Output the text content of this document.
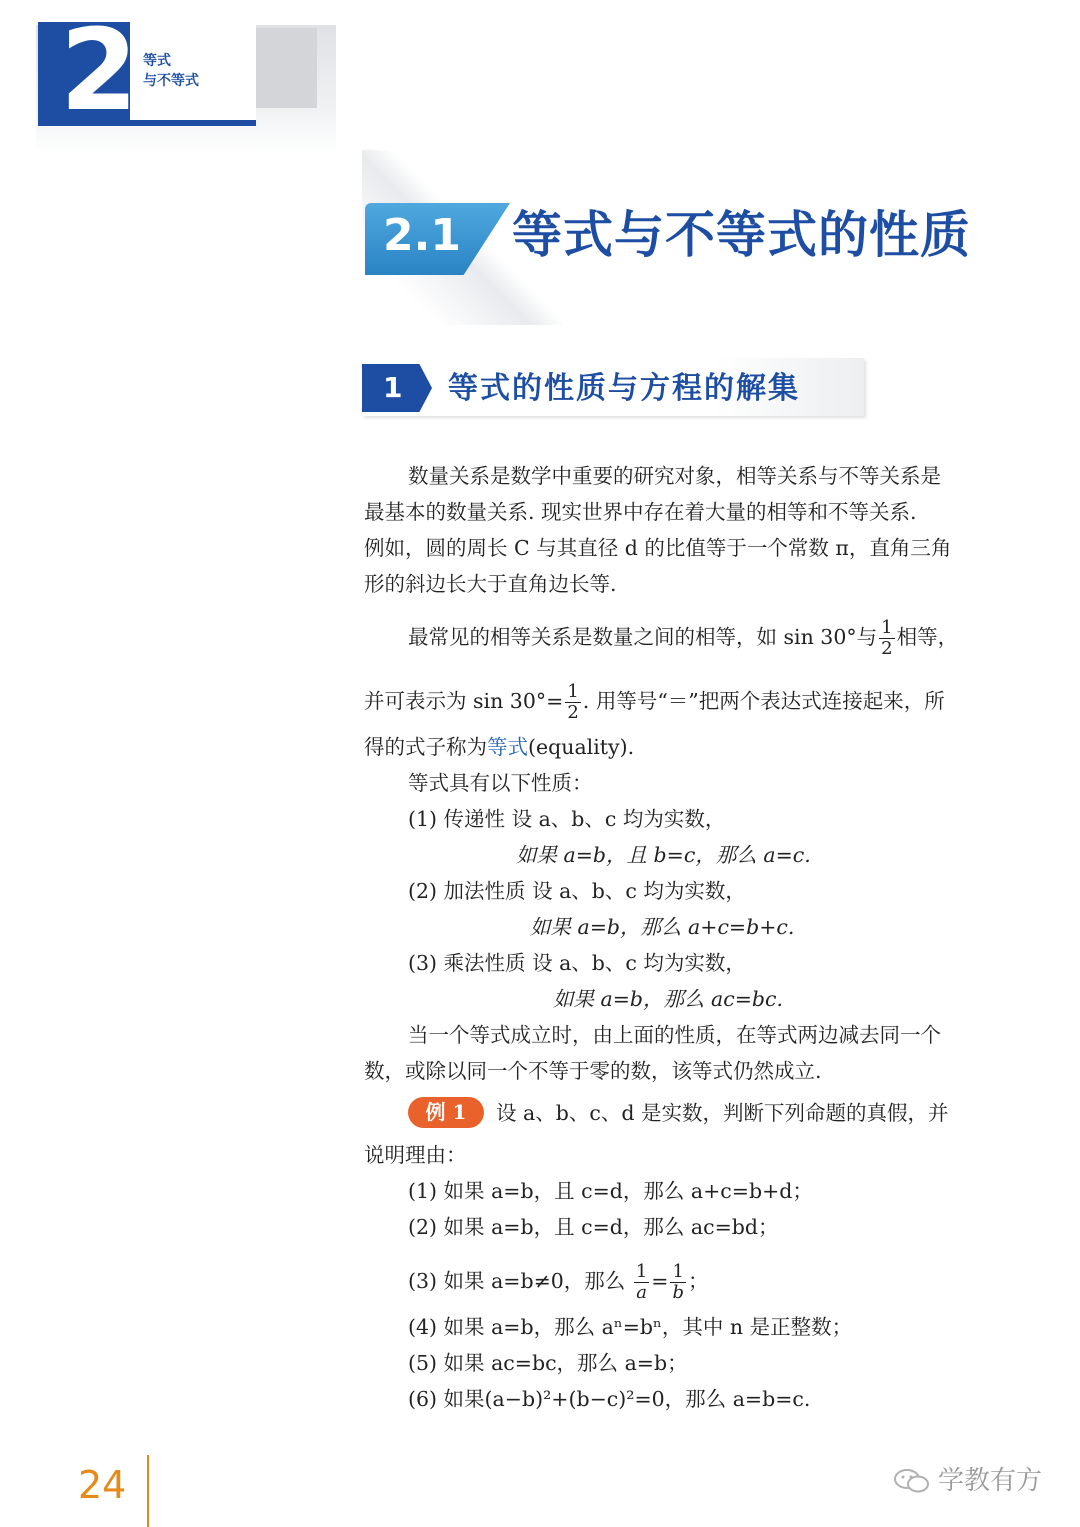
2 等式
与不等式
2.1 等式与不等式的性质
1 等式的性质与方程的解集
数量关系是数学中重要的研究对象，相等关系与不等关系是
最基本的数量关系. 现实世界中存在着大量的相等和不等关系.
例如，圆的周长 C 与其直径 d 的比值等于一个常数 π，直角三角
形的斜边长大于直角边长等.
最常见的相等关系是数量之间的相等，如 sin 30°与 $\frac{1}{2}$ 相等，
并可表示为 $\sin 30^\circ= \frac{1}{2}$ . 用等号“＝”把两个表达式连接起来，所
得的式子称为等式(equality).
等式具有以下性质：
(1) 传递性 设 a、b、c 均为实数，
如果 a=b，且 b=c，那么 a=c.
(2) 加法性质 设 a、b、c 均为实数，
如果 a=b，那么 a+c=b+c.
(3) 乘法性质 设 a、b、c 均为实数，
如果 a=b，那么 ac=bc.
当一个等式成立时，由上面的性质，在等式两边减去同一个
数，或除以同一个不等于零的数，该等式仍然成立.
例 1	设 a、b、c、d 是实数，判断下列命题的真假，并
说明理由：
(1) 如果 a=b，且 c=d，那么 a+c=b+d；
(2) 如果 a=b，且 c=d，那么 ac=bd；
(3) 如果 a=b≠0，那么 $\frac{1}{a} = \frac{1}{b}$ ；
(4) 如果 a=b，那么 aⁿ=bⁿ，其中 n 是正整数；
(5) 如果 ac=bc，那么 a=b；
(6) 如果(a−b)²+(b−c)²=0，那么 a=b=c.
24	学教有方
